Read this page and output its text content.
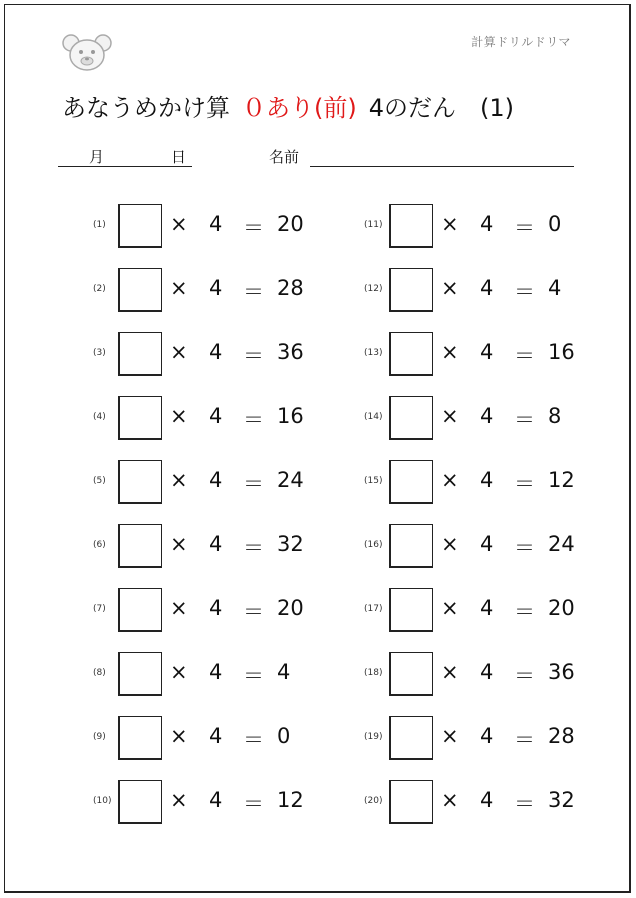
計算ドリルドリマ
あなうめかけ算 ０あり(前) 4のだん (1)
月	日	名前
(1)	× 4 ＝ 20
(2)	× 4 ＝ 28
(3)	× 4 ＝ 36
(4)	× 4 ＝ 16
(5)	× 4 ＝ 24
(6)	× 4 ＝ 32
(7)	× 4 ＝ 20
(8)	× 4 ＝ 4
(9)	× 4 ＝ 0
(10)	× 4 ＝ 12
(11)	× 4 ＝ 0
(12)	× 4 ＝ 4
(13)	× 4 ＝ 16
(14)	× 4 ＝ 8
(15)	× 4 ＝ 12
(16)	× 4 ＝ 24
(17)	× 4 ＝ 20
(18)	× 4 ＝ 36
(19)	× 4 ＝ 28
(20)	× 4 ＝ 32
